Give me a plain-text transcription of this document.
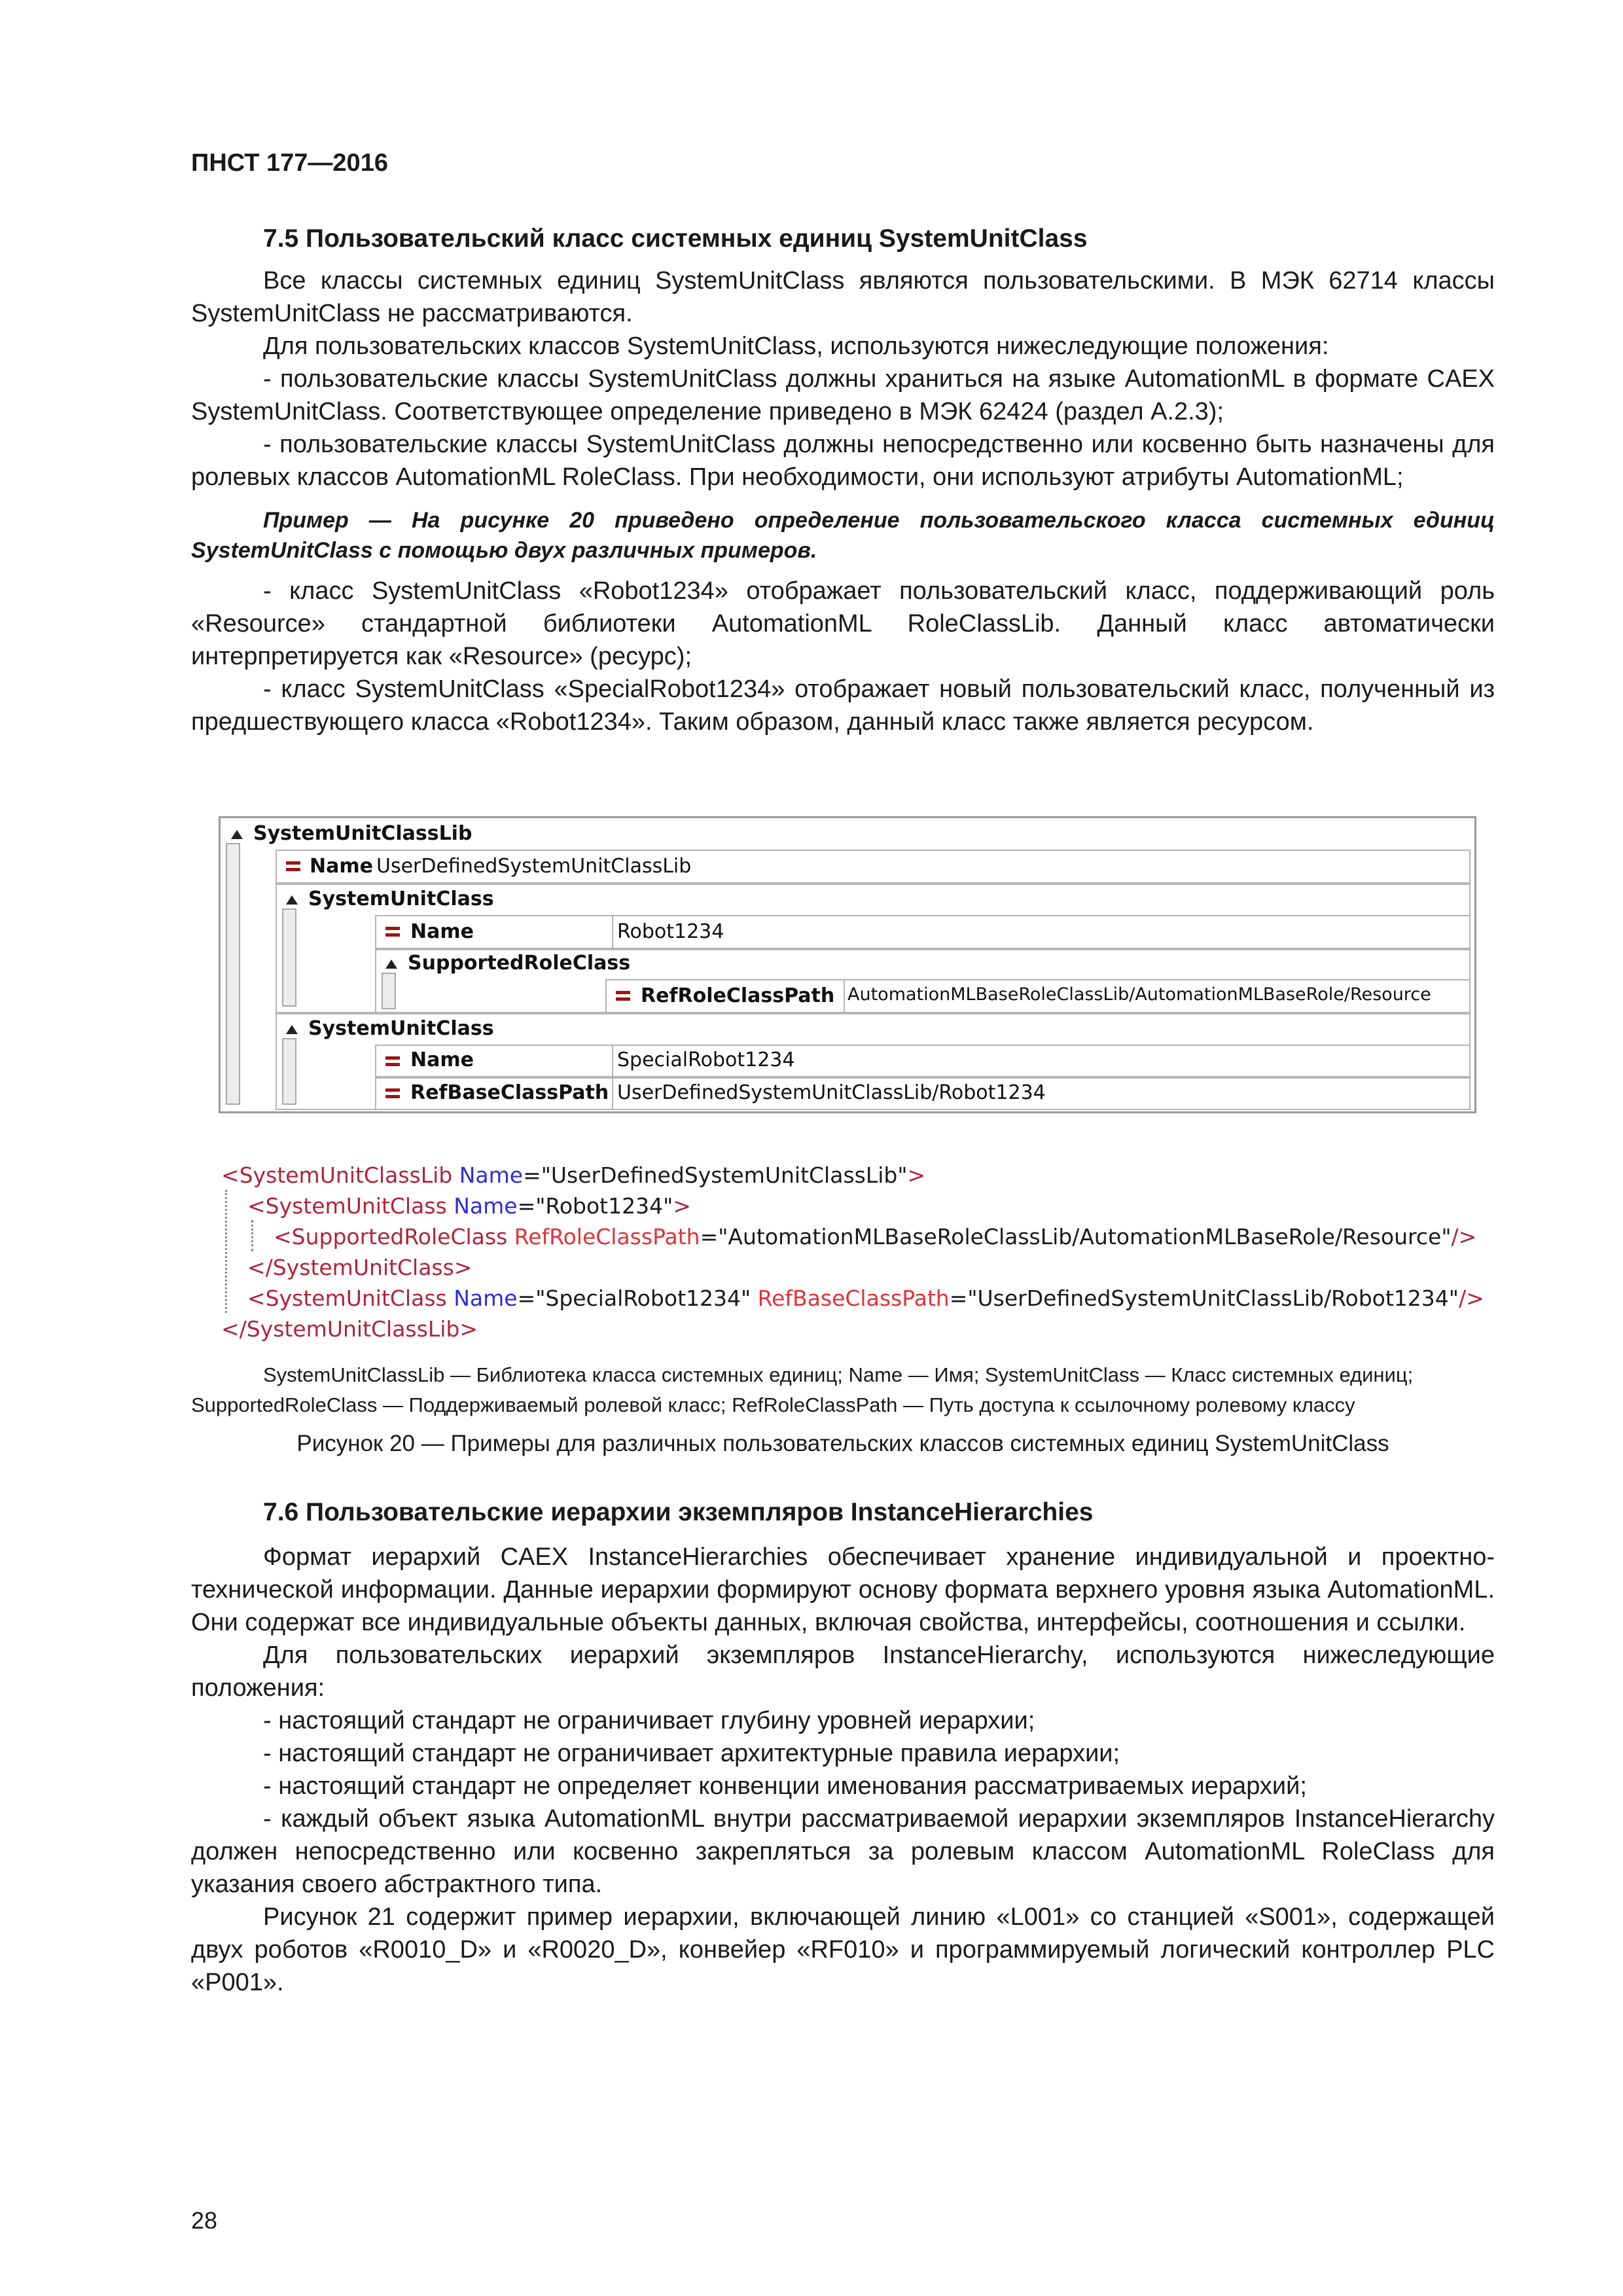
ПНСТ 177—2016

7.5 Пользовательский класс системных единиц SystemUnitClass

Все классы системных единиц SystemUnitClass являются пользовательскими. В МЭК 62714 классы SystemUnitClass не рассматриваются.

Для пользовательских классов SystemUnitClass, используются нижеследующие положения:

- пользовательские классы SystemUnitClass должны храниться на языке AutomationML в формате CAEX SystemUnitClass. Соответствующее определение приведено в МЭК 62424 (раздел А.2.3);

- пользовательские классы SystemUnitClass должны непосредственно или косвенно быть назначены для ролевых классов AutomationML RoleClass. При необходимости, они используют атрибуты AutomationML;

Пример — На рисунке 20 приведено определение пользовательского класса системных единиц SystemUnitClass с помощью двух различных примеров.

- класс SystemUnitClass «Robot1234» отображает пользовательский класс, поддерживающий роль «Resource» стандартной библиотеки AutomationML RoleClassLib. Данный класс автоматически интерпретируется как «Resource» (ресурс);

- класс SystemUnitClass «SpecialRobot1234» отображает новый пользовательский класс, полученный из предшествующего класса «Robot1234». Таким образом, данный класс также является ресурсом.

SystemUnitClassLib
Name UserDefinedSystemUnitClassLib
SystemUnitClass
Name	Robot1234
SupportedRoleClass
RefRoleClassPath AutomationMLBaseRoleClassLib/AutomationMLBaseRole/Resource
SystemUnitClass
Name	SpecialRobot1234
RefBaseClassPath UserDefinedSystemUnitClassLib/Robot1234
<SystemUnitClassLib Name="UserDefinedSystemUnitClassLib">
<SystemUnitClass Name="Robot1234">
<SupportedRoleClass RefRoleClassPath="AutomationMLBaseRoleClassLib/AutomationMLBaseRole/Resource"/>
</SystemUnitClass>
<SystemUnitClass Name="SpecialRobot1234" RefBaseClassPath="UserDefinedSystemUnitClassLib/Robot1234"/>
</SystemUnitClassLib>
SystemUnitClassLib — Библиотека класса системных единиц; Name — Имя; SystemUnitClass — Класс системных единиц;
SupportedRoleClass — Поддерживаемый ролевой класс; RefRoleClassPath — Путь доступа к ссылочному ролевому классу
Рисунок 20 — Примеры для различных пользовательских классов системных единиц SystemUnitClass

7.6 Пользовательские иерархии экземпляров InstanceHierarchies

Формат иерархий CAEX InstanceHierarchies обеспечивает хранение индивидуальной и проектно-технической информации. Данные иерархии формируют основу формата верхнего уровня языка AutomationML. Они содержат все индивидуальные объекты данных, включая свойства, интерфейсы, соотношения и ссылки.

Для пользовательских иерархий экземпляров InstanceHierarchy, используются нижеследующие положения:

- настоящий стандарт не ограничивает глубину уровней иерархии;

- настоящий стандарт не ограничивает архитектурные правила иерархии;

- настоящий стандарт не определяет конвенции именования рассматриваемых иерархий;

- каждый объект языка AutomationML внутри рассматриваемой иерархии экземпляров InstanceHierarchy должен непосредственно или косвенно закрепляться за ролевым классом AutomationML RoleClass для указания своего абстрактного типа.

Рисунок 21 содержит пример иерархии, включающей линию «L001» со станцией «S001», содержащей двух роботов «R0010_D» и «R0020_D», конвейер «RF010» и программируемый логический контроллер PLC «P001».

28
